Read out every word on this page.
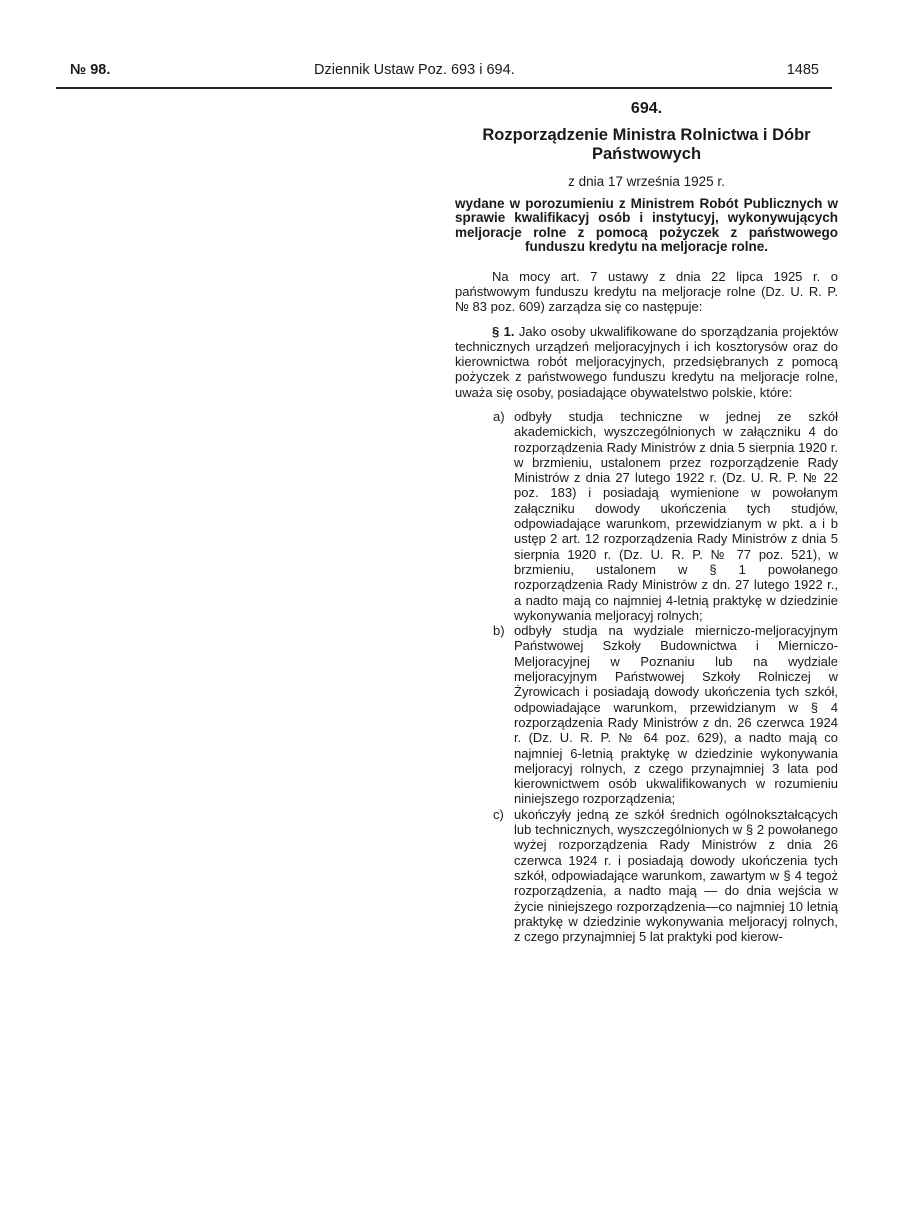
№ 98.	Dziennik Ustaw Poz. 693 i 694.	1485
694.
Rozporządzenie Ministra Rolnictwa i Dóbr Państwowych
z dnia 17 września 1925 r.
wydane w porozumieniu z Ministrem Robót Publicznych w sprawie kwalifikacyj osób i instytucyj, wykonywujących meljoracje rolne z pomocą pożyczek z państwowego funduszu kredytu na meljoracje rolne.

Na mocy art. 7 ustawy z dnia 22 lipca 1925 r. o państwowym funduszu kredytu na meljoracje rolne (Dz. U. R. P. № 83 poz. 609) zarządza się co następuje:

§ 1. Jako osoby ukwalifikowane do sporządzania projektów technicznych urządzeń meljoracyjnych i ich kosztorysów oraz do kierownictwa robót meljoracyjnych, przedsiębranych z pomocą pożyczek z państwowego funduszu kredytu na meljoracje rolne, uważa się osoby, posiadające obywatelstwo polskie, które:

a) odbyły studja techniczne w jednej ze szkół akademickich, wyszczególnionych w załączniku 4 do rozporządzenia Rady Ministrów z dnia 5 sierpnia 1920 r. w brzmieniu, ustalonem przez rozporządzenie Rady Ministrów z dnia 27 lutego 1922 r. (Dz. U. R. P. № 22 poz. 183) i posiadają wymienione w powołanym załączniku dowody ukończenia tych studjów, odpowiadające warunkom, przewidzianym w pkt. a i b ustęp 2 art. 12 rozporządzenia Rady Ministrów z dnia 5 sierpnia 1920 r. (Dz. U. R. P. № 77 poz. 521), w brzmieniu, ustalonem w § 1 powołanego rozporządzenia Rady Ministrów z dn. 27 lutego 1922 r., a nadto mają co najmniej 4-letnią praktykę w dziedzinie wykonywania meljoracyj rolnych;
b) odbyły studja na wydziale mierniczo-meljoracyjnym Państwowej Szkoły Budownictwa i Mierniczo-Meljoracyjnej w Poznaniu lub na wydziale meljoracyjnym Państwowej Szkoły Rolniczej w Żyrowicach i posiadają dowody ukończenia tych szkół, odpowiadające warunkom, przewidzianym w § 4 rozporządzenia Rady Ministrów z dn. 26 czerwca 1924 r. (Dz. U. R. P. № 64 poz. 629), a nadto mają co najmniej 6-letnią praktykę w dziedzinie wykonywania meljoracyj rolnych, z czego przynajmniej 3 lata pod kierownictwem osób ukwalifikowanych w rozumieniu niniejszego rozporządzenia;
c) ukończyły jedną ze szkół średnich ogólnokształcących lub technicznych, wyszczególnionych w § 2 powołanego wyżej rozporządzenia Rady Ministrów z dnia 26 czerwca 1924 r. i posiadają dowody ukończenia tych szkół, odpowiadające warunkom, zawartym w § 4 tegoż rozporządzenia, a nadto mają — do dnia wejścia w życie niniejszego rozporządzenia—co najmniej 10 letnią praktykę w dziedzinie wykonywania meljoracyj rolnych, z czego przynajmniej 5 lat praktyki pod kierow-
